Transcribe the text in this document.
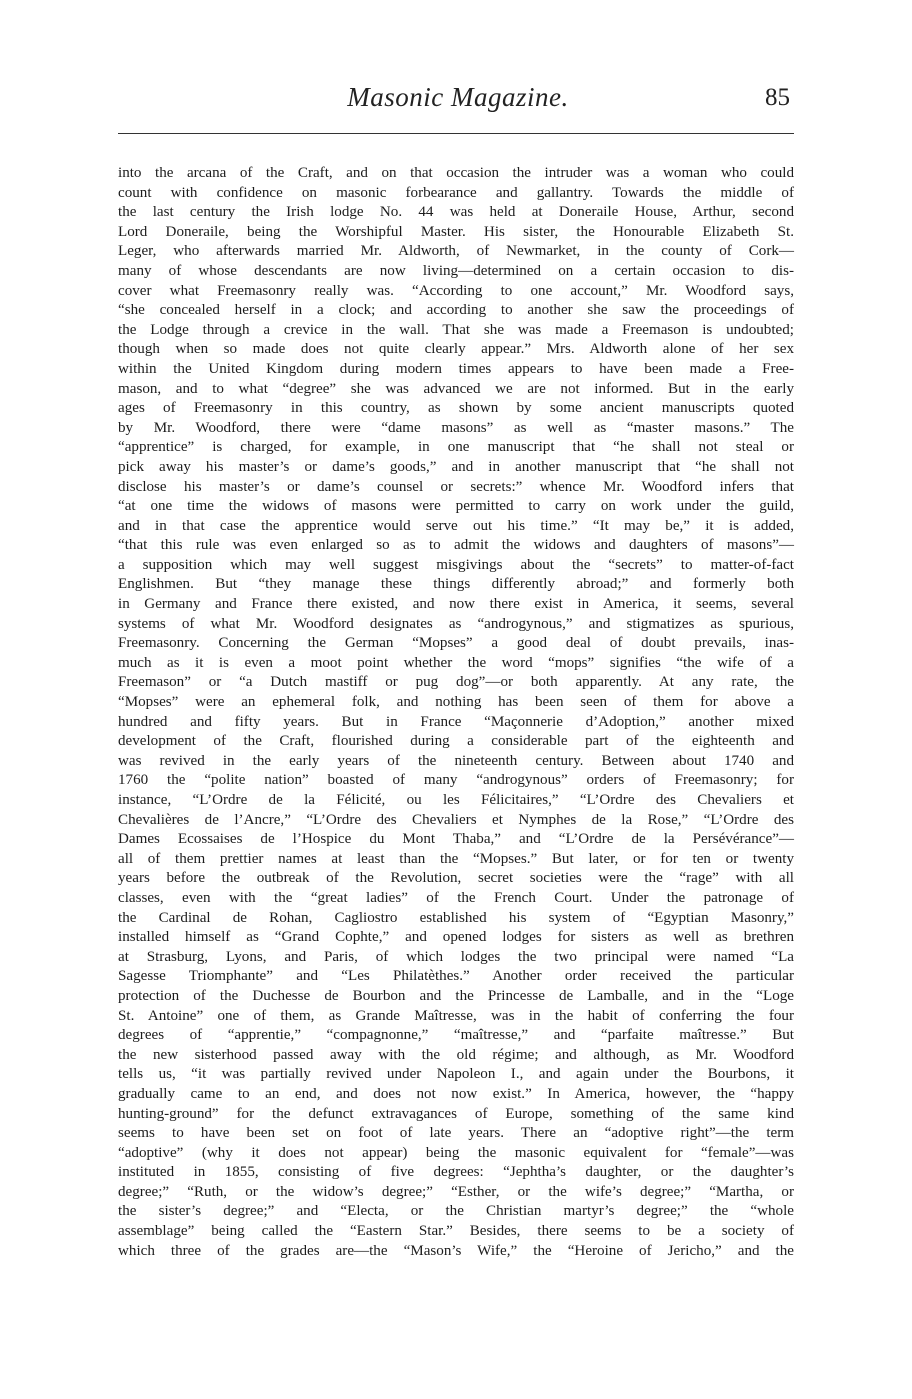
Masonic Magazine.	85
into the arcana of the Craft, and on that occasion the intruder was a woman who could
count with confidence on masonic forbearance and gallantry. Towards the middle of
the last century the Irish lodge No. 44 was held at Doneraile House, Arthur, second
Lord Doneraile, being the Worshipful Master. His sister, the Honourable Elizabeth St.
Leger, who afterwards married Mr. Aldworth, of Newmarket, in the county of Cork—
many of whose descendants are now living—determined on a certain occasion to dis-
cover what Freemasonry really was. “According to one account,” Mr. Woodford says,
“she concealed herself in a clock; and according to another she saw the proceedings of
the Lodge through a crevice in the wall. That she was made a Freemason is undoubted;
though when so made does not quite clearly appear.” Mrs. Aldworth alone of her sex
within the United Kingdom during modern times appears to have been made a Free-
mason, and to what “degree” she was advanced we are not informed. But in the early
ages of Freemasonry in this country, as shown by some ancient manuscripts quoted
by Mr. Woodford, there were “dame masons” as well as “master masons.” The
“apprentice” is charged, for example, in one manuscript that “he shall not steal or
pick away his master’s or dame’s goods,” and in another manuscript that “he shall not
disclose his master’s or dame’s counsel or secrets:” whence Mr. Woodford infers that
“at one time the widows of masons were permitted to carry on work under the guild,
and in that case the apprentice would serve out his time.” “It may be,” it is added,
“that this rule was even enlarged so as to admit the widows and daughters of masons”—
a supposition which may well suggest misgivings about the “secrets” to matter-of-fact
Englishmen. But “they manage these things differently abroad;” and formerly both
in Germany and France there existed, and now there exist in America, it seems, several
systems of what Mr. Woodford designates as “androgynous,” and stigmatizes as spurious,
Freemasonry. Concerning the German “Mopses” a good deal of doubt prevails, inas-
much as it is even a moot point whether the word “mops” signifies “the wife of a
Freemason” or “a Dutch mastiff or pug dog”—or both apparently. At any rate, the
“Mopses” were an ephemeral folk, and nothing has been seen of them for above a
hundred and fifty years. But in France “Maçonnerie d’Adoption,” another mixed
development of the Craft, flourished during a considerable part of the eighteenth and
was revived in the early years of the nineteenth century. Between about 1740 and
1760 the “polite nation” boasted of many “androgynous” orders of Freemasonry; for
instance, “L’Ordre de la Félicité, ou les Félicitaires,” “L’Ordre des Chevaliers et
Chevalières de l’Ancre,” “L’Ordre des Chevaliers et Nymphes de la Rose,” “L’Ordre des
Dames Ecossaises de l’Hospice du Mont Thaba,” and “L’Ordre de la Persévérance”—
all of them prettier names at least than the “Mopses.” But later, or for ten or twenty
years before the outbreak of the Revolution, secret societies were the “rage” with all
classes, even with the “great ladies” of the French Court. Under the patronage of
the Cardinal de Rohan, Cagliostro established his system of “Egyptian Masonry,”
installed himself as “Grand Cophte,” and opened lodges for sisters as well as brethren
at Strasburg, Lyons, and Paris, of which lodges the two principal were named “La
Sagesse Triomphante” and “Les Philatèthes.” Another order received the particular
protection of the Duchesse de Bourbon and the Princesse de Lamballe, and in the “Loge
St. Antoine” one of them, as Grande Maîtresse, was in the habit of conferring the four
degrees of “apprentie,” “compagnonne,” “maîtresse,” and “parfaite maîtresse.” But
the new sisterhood passed away with the old régime; and although, as Mr. Woodford
tells us, “it was partially revived under Napoleon I., and again under the Bourbons, it
gradually came to an end, and does not now exist.” In America, however, the “happy
hunting-ground” for the defunct extravagances of Europe, something of the same kind
seems to have been set on foot of late years. There an “adoptive right”—the term
“adoptive” (why it does not appear) being the masonic equivalent for “female”—was
instituted in 1855, consisting of five degrees: “Jephtha’s daughter, or the daughter’s
degree;” “Ruth, or the widow’s degree;” “Esther, or the wife’s degree;” “Martha, or
the sister’s degree;” and “Electa, or the Christian martyr’s degree;” the “whole
assemblage” being called the “Eastern Star.” Besides, there seems to be a society of
which three of the grades are—the “Mason’s Wife,” the “Heroine of Jericho,” and the
